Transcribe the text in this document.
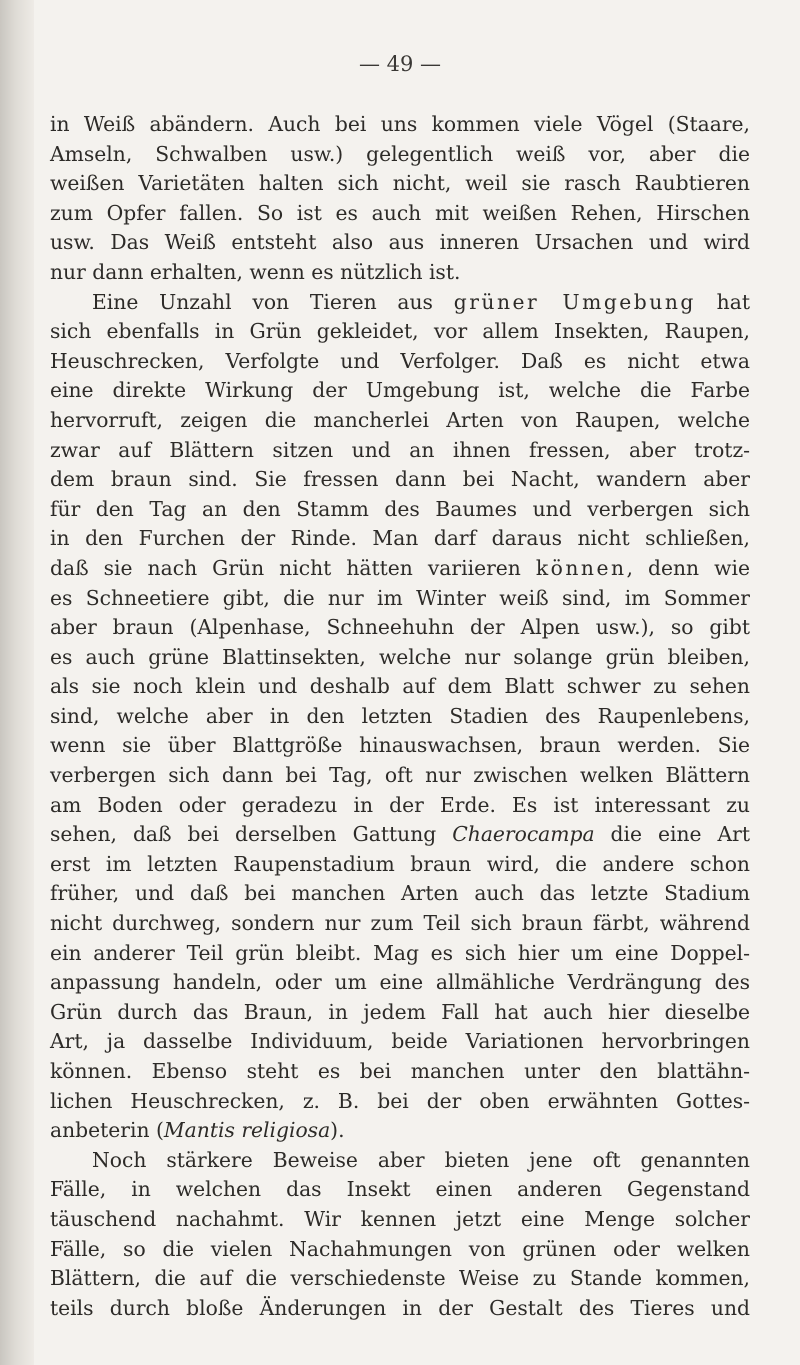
— 49 —
in Weiß abändern. Auch bei uns kommen viele Vögel (Staare,
Amseln, Schwalben usw.) gelegentlich weiß vor, aber die
weißen Varietäten halten sich nicht, weil sie rasch Raubtieren
zum Opfer fallen. So ist es auch mit weißen Rehen, Hirschen
usw. Das Weiß entsteht also aus inneren Ursachen und wird
nur dann erhalten, wenn es nützlich ist.
Eine Unzahl von Tieren aus grüner Umgebung hat
sich ebenfalls in Grün gekleidet, vor allem Insekten, Raupen,
Heuschrecken, Verfolgte und Verfolger. Daß es nicht etwa
eine direkte Wirkung der Umgebung ist, welche die Farbe
hervorruft, zeigen die mancherlei Arten von Raupen, welche
zwar auf Blättern sitzen und an ihnen fressen, aber trotz-
dem braun sind. Sie fressen dann bei Nacht, wandern aber
für den Tag an den Stamm des Baumes und verbergen sich
in den Furchen der Rinde. Man darf daraus nicht schließen,
daß sie nach Grün nicht hätten variieren können, denn wie
es Schneetiere gibt, die nur im Winter weiß sind, im Sommer
aber braun (Alpenhase, Schneehuhn der Alpen usw.), so gibt
es auch grüne Blattinsekten, welche nur solange grün bleiben,
als sie noch klein und deshalb auf dem Blatt schwer zu sehen
sind, welche aber in den letzten Stadien des Raupenlebens,
wenn sie über Blattgröße hinauswachsen, braun werden. Sie
verbergen sich dann bei Tag, oft nur zwischen welken Blättern
am Boden oder geradezu in der Erde. Es ist interessant zu
sehen, daß bei derselben Gattung Chaerocampa die eine Art
erst im letzten Raupenstadium braun wird, die andere schon
früher, und daß bei manchen Arten auch das letzte Stadium
nicht durchweg, sondern nur zum Teil sich braun färbt, während
ein anderer Teil grün bleibt. Mag es sich hier um eine Doppel-
anpassung handeln, oder um eine allmähliche Verdrängung des
Grün durch das Braun, in jedem Fall hat auch hier dieselbe
Art, ja dasselbe Individuum, beide Variationen hervorbringen
können. Ebenso steht es bei manchen unter den blattähn-
lichen Heuschrecken, z. B. bei der oben erwähnten Gottes-
anbeterin (Mantis religiosa).
Noch stärkere Beweise aber bieten jene oft genannten
Fälle, in welchen das Insekt einen anderen Gegenstand
täuschend nachahmt. Wir kennen jetzt eine Menge solcher
Fälle, so die vielen Nachahmungen von grünen oder welken
Blättern, die auf die verschiedenste Weise zu Stande kommen,
teils durch bloße Änderungen in der Gestalt des Tieres und
